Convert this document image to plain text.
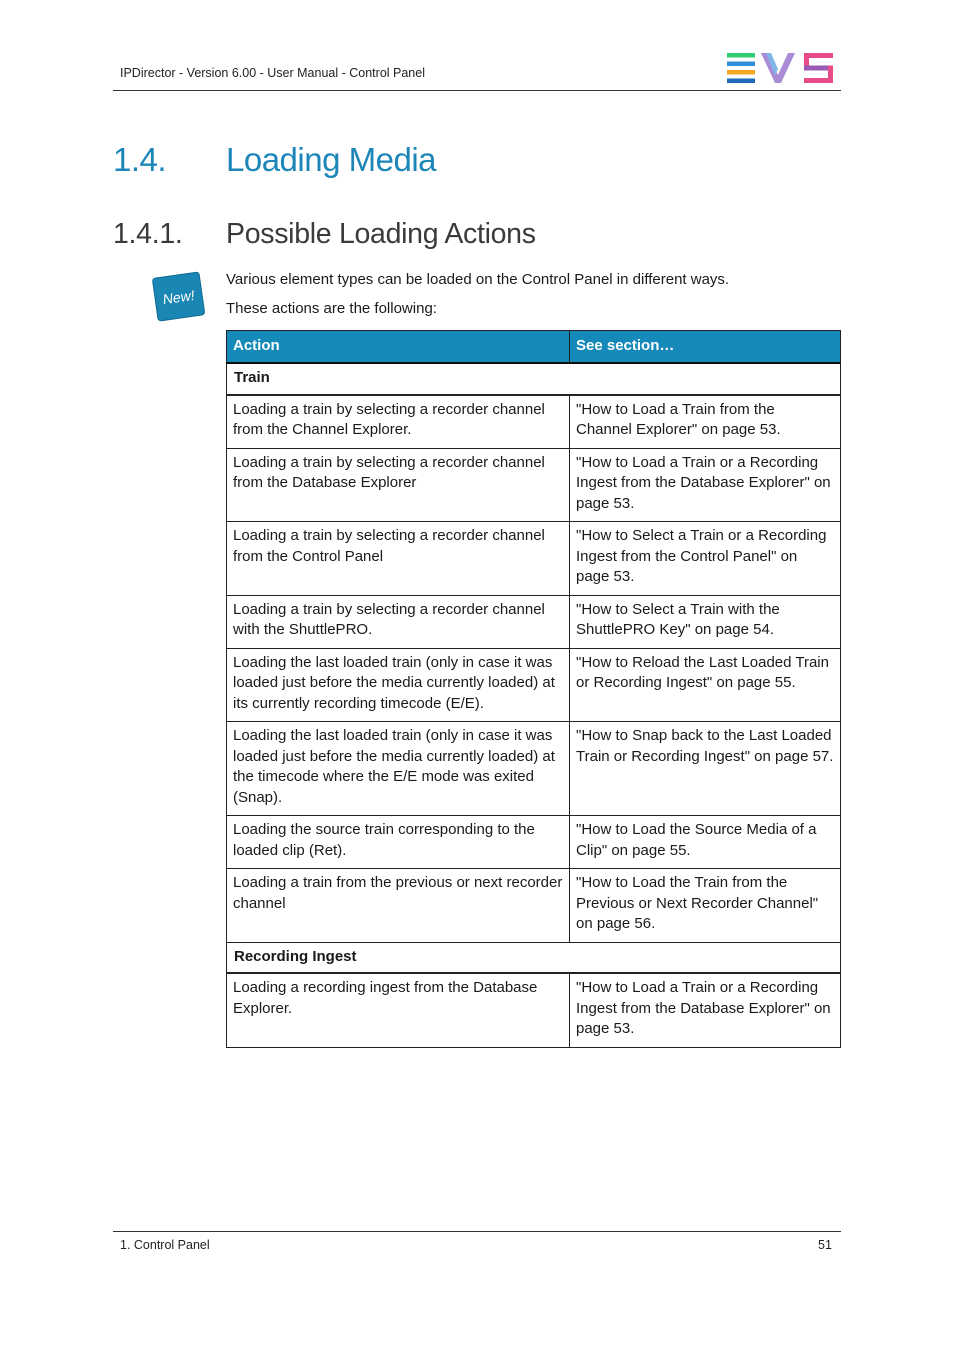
IPDirector - Version 6.00 - User Manual - Control Panel
1.4. Loading Media
1.4.1. Possible Loading Actions
New!
Various element types can be loaded on the Control Panel in different ways.
These actions are the following:
Action	See section…
Train	
Loading a train by selecting a recorder channel from the Channel Explorer.	"How to Load a Train from the Channel Explorer" on page 53.
Loading a train by selecting a recorder channel from the Database Explorer	"How to Load a Train or a Recording Ingest from the Database Explorer" on page 53.
Loading a train by selecting a recorder channel from the Control Panel	"How to Select a Train or a Recording Ingest from the Control Panel" on page 53.
Loading a train by selecting a recorder channel with the ShuttlePRO.	"How to Select a Train with the ShuttlePRO Key" on page 54.
Loading the last loaded train (only in case it was loaded just before the media currently loaded) at its currently recording timecode (E/E).	"How to Reload the Last Loaded Train or Recording Ingest" on page 55.
Loading the last loaded train (only in case it was loaded just before the media currently loaded) at the timecode where the E/E mode was exited (Snap).	"How to Snap back to the Last Loaded Train or Recording Ingest" on page 57.
Loading the source train corresponding to the loaded clip (Ret).	"How to Load the Source Media of a Clip" on page 55.
Loading a train from the previous or next recorder channel	"How to Load the Train from the Previous or Next Recorder Channel" on page 56.
Recording Ingest	
Loading a recording ingest from the Database Explorer.	"How to Load a Train or a Recording Ingest from the Database Explorer" on page 53.
1. Control Panel	51
